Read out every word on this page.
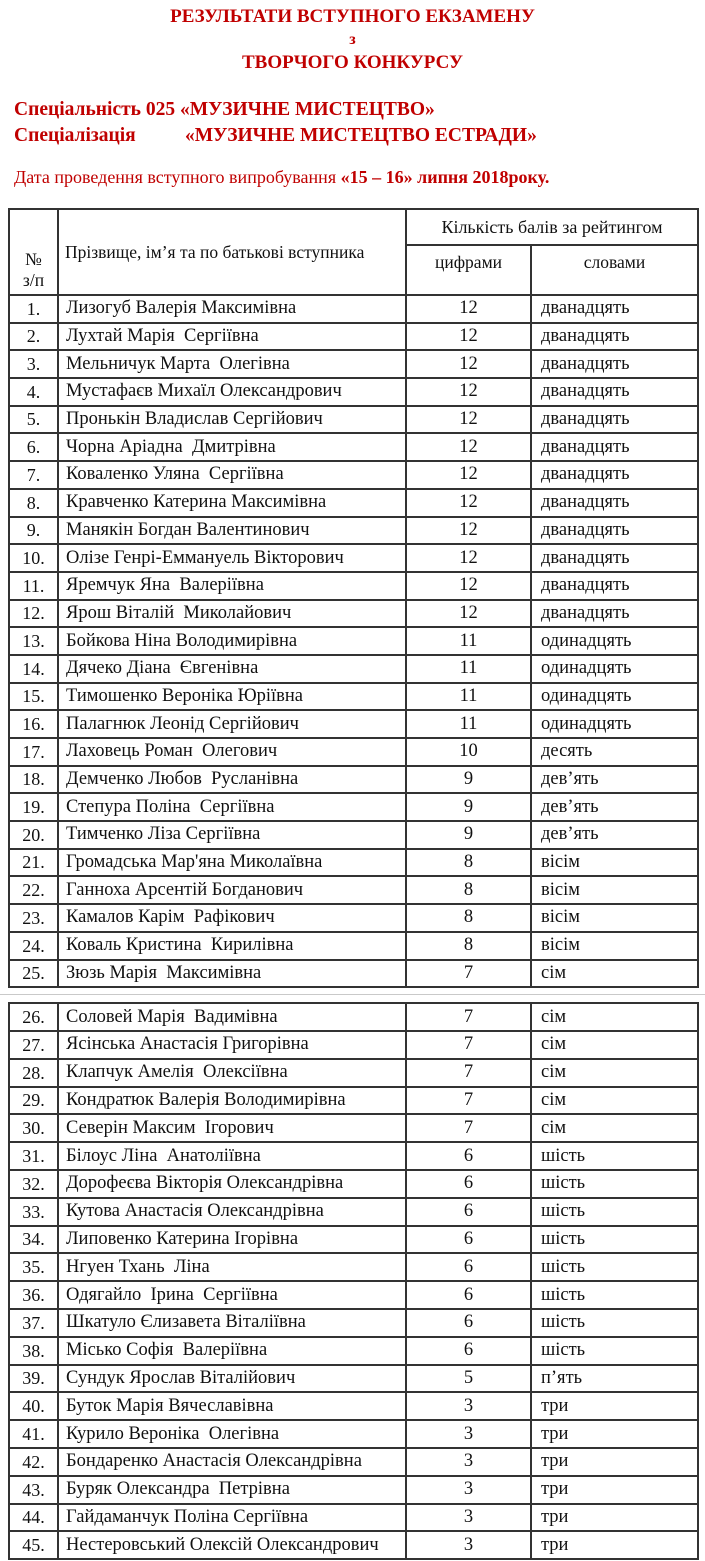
РЕЗУЛЬТАТИ ВСТУПНОГО ЕКЗАМЕНУ
з
ТВОРЧОГО КОНКУРСУ
Спеціальність 025 «МУЗИЧНЕ МИСТЕЦТВО»
Спеціалізація	«МУЗИЧНЕ МИСТЕЦТВО ЕСТРАДИ»
Дата проведення вступного випробування «15 – 16» липня 2018року.
№
з/п	Прізвище, ім’я та по батькові вступника	Кількість балів за рейтингом	
		цифрами	словами
1.	Лизогуб Валерія Максимівна	12	дванадцять
2.	Лухтай Марія  Сергіївна	12	дванадцять
3.	Мельничук Марта  Олегівна	12	дванадцять
4.	Мустафаєв Михаїл Олександрович	12	дванадцять
5.	Пронькін Владислав Сергійович	12	дванадцять
6.	Чорна Аріадна  Дмитрівна	12	дванадцять
7.	Коваленко Уляна  Сергіївна	12	дванадцять
8.	Кравченко Катерина Максимівна	12	дванадцять
9.	Манякін Богдан Валентинович	12	дванадцять
10.	Олізе Генрі-Еммануель Вікторович	12	дванадцять
11.	Яремчук Яна  Валеріївна	12	дванадцять
12.	Ярош Віталій  Миколайович	12	дванадцять
13.	Бойкова Ніна Володимирівна	11	одинадцять
14.	Дячеко Діана  Євгенівна	11	одинадцять
15.	Тимошенко Вероніка Юріївна	11	одинадцять
16.	Палагнюк Леонід Сергійович	11	одинадцять
17.	Лаховець Роман  Олегович	10	десять
18.	Демченко Любов  Русланівна	9	дев’ять
19.	Степура Поліна  Сергіївна	9	дев’ять
20.	Тимченко Ліза Сергіївна	9	дев’ять
21.	Громадська Мар'яна Миколаївна	8	вісім
22.	Ганноха Арсентій Богданович	8	вісім
23.	Камалов Карім  Рафікович	8	вісім
24.	Коваль Кристина  Кирилівна	8	вісім
25.	Зюзь Марія  Максимівна	7	сім
26.	Соловей Марія  Вадимівна	7	сім
27.	Ясінська Анастасія Григорівна	7	сім
28.	Клапчук Амелія  Олексіївна	7	сім
29.	Кондратюк Валерія Володимирівна	7	сім
30.	Северін Максим  Ігорович	7	сім
31.	Білоус Ліна  Анатоліївна	6	шість
32.	Дорофеєва Вікторія Олександрівна	6	шість
33.	Кутова Анастасія Олександрівна	6	шість
34.	Липовенко Катерина Ігорівна	6	шість
35.	Нгуен Тхань  Ліна	6	шість
36.	Одягайло  Ірина  Сергіївна	6	шість
37.	Шкатуло Єлизавета Віталіївна	6	шість
38.	Місько Софія  Валеріївна	6	шість
39.	Сундук Ярослав Віталійович	5	п’ять
40.	Буток Марія Вячеславівна	3	три
41.	Курило Вероніка  Олегівна	3	три
42.	Бондаренко Анастасія Олександрівна	3	три
43.	Буряк Олександра  Петрівна	3	три
44.	Гайдаманчук Поліна Сергіївна	3	три
45.	Нестеровський Олексій Олександрович	3	три
